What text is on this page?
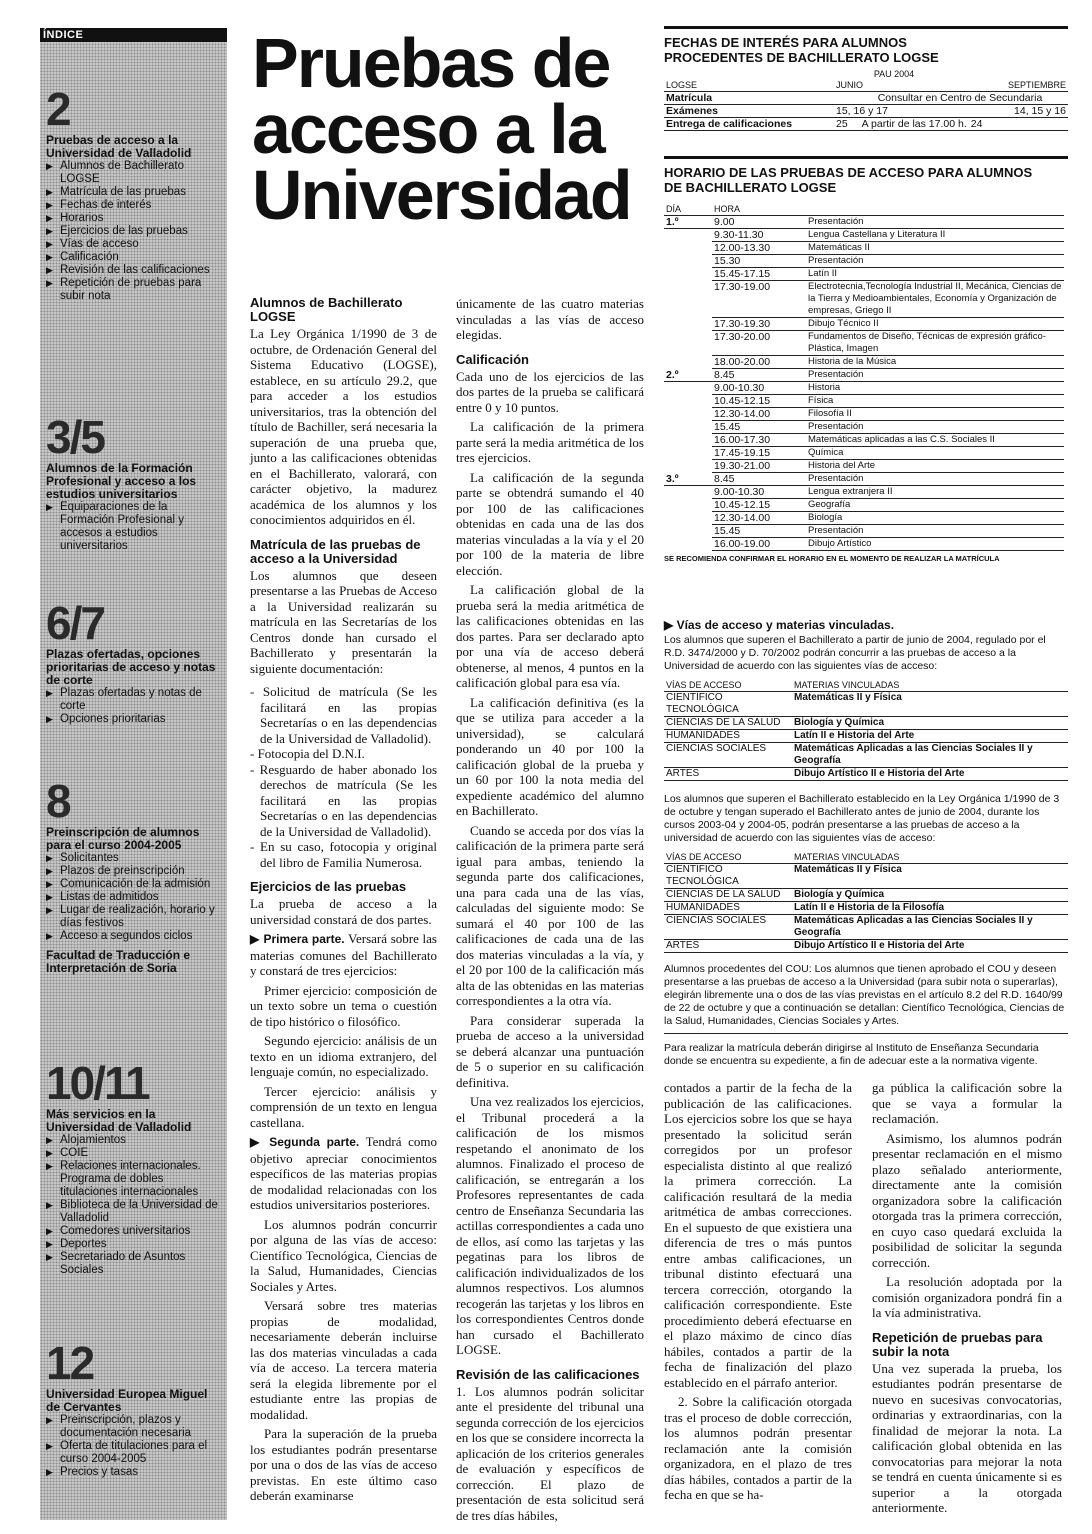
ÍNDICE
2
Pruebas de acceso a la Universidad de Valladolid
▶ Alumnos de Bachillerato LOGSE
▶ Matrícula de las pruebas
▶ Fechas de interés
▶ Horarios
▶ Ejercicios de las pruebas
▶ Vías de acceso
▶ Calificación
▶ Revisión de las calificaciones
▶ Repetición de pruebas para subir nota
3/5
Alumnos de la Formación Profesional y acceso a los estudios universitarios
▶ Equiparaciones de la Formación Profesional y accesos a estudios universitarios
6/7
Plazas ofertadas, opciones prioritarias de acceso y notas de corte
▶ Plazas ofertadas y notas de corte
▶ Opciones prioritarias
8
Preinscripción de alumnos para el curso 2004-2005
▶ Solicitantes
▶ Plazos de preinscripción
▶ Comunicación de la admisión
▶ Listas de admitidos
▶ Lugar de realización, horario y días festivos
▶ Acceso a segundos ciclos
Facultad de Traducción e Interpretación de Soria
10/11
Más servicios en la Universidad de Valladolid
▶ Alojamientos
▶ COIE
▶ Relaciones internacionales. Programa de dobles titulaciones internacionales
▶ Biblioteca de la Universidad de Valladolid
▶ Comedores universitarios
▶ Deportes
▶ Secretariado de Asuntos Sociales
12
Universidad Europea Miguel de Cervantes
▶ Preinscripción, plazos y documentación necesaria
▶ Oferta de titulaciones para el curso 2004-2005
▶ Precios y tasas
Pruebas de
acceso a la
Universidad
Alumnos de Bachillerato LOGSE

La Ley Orgánica 1/1990 de 3 de octubre, de Ordenación General del Sistema Educativo (LOGSE), establece, en su artículo 29.2, que para acceder a los estudios universitarios, tras la obtención del título de Bachiller, será necesaria la superación de una prueba que, junto a las calificaciones obtenidas en el Bachillerato, valorará, con carácter objetivo, la madurez académica de los alumnos y los conocimientos adquiridos en él.

Matrícula de las pruebas de acceso a la Universidad

Los alumnos que deseen presentarse a las Pruebas de Acceso a la Universidad realizarán su matrícula en las Secretarías de los Centros donde han cursado el Bachillerato y presentarán la siguiente documentación:

- Solicitud de matrícula (Se les facilitará en las propias Secretarías o en las dependencias de la Universidad de Valladolid).

- Fotocopia del D.N.I.

- Resguardo de haber abonado los derechos de matrícula (Se les facilitará en las propias Secretarías o en las dependencias de la Universidad de Valladolid).

- En su caso, fotocopia y original del libro de Familia Numerosa.

Ejercicios de las pruebas

La prueba de acceso a la universidad constará de dos partes.

▶ Primera parte. Versará sobre las materias comunes del Bachillerato y constará de tres ejercicios:

Primer ejercicio: composición de un texto sobre un tema o cuestión de tipo histórico o filosófico.

Segundo ejercicio: análisis de un texto en un idioma extranjero, del lenguaje común, no especializado.

Tercer ejercicio: análisis y comprensión de un texto en lengua castellana.

▶ Segunda parte. Tendrá como objetivo apreciar conocimientos específicos de las materias propias de modalidad relacionadas con los estudios universitarios posteriores.

Los alumnos podrán concurrir por alguna de las vías de acceso: Científico Tecnológica, Ciencias de la Salud, Humanidades, Ciencias Sociales y Artes.

Versará sobre tres materias propias de modalidad, necesariamente deberán incluirse las dos materias vinculadas a cada vía de acceso. La tercera materia será la elegida libremente por el estudiante entre las propias de modalidad.

Para la superación de la prueba los estudiantes podrán presentarse por una o dos de las vías de acceso previstas. En este último caso deberán examinarse

únicamente de las cuatro materias vinculadas a las vías de acceso elegidas.

Calificación

Cada uno de los ejercicios de las dos partes de la prueba se calificará entre 0 y 10 puntos.

La calificación de la primera parte será la media aritmética de los tres ejercicios.

La calificación de la segunda parte se obtendrá sumando el 40 por 100 de las calificaciones obtenidas en cada una de las dos materias vinculadas a la vía y el 20 por 100 de la materia de libre elección.

La calificación global de la prueba será la media aritmética de las calificaciones obtenidas en las dos partes. Para ser declarado apto por una vía de acceso deberá obtenerse, al menos, 4 puntos en la calificación global para esa vía.

La calificación definitiva (es la que se utiliza para acceder a la universidad), se calculará ponderando un 40 por 100 la calificación global de la prueba y un 60 por 100 la nota media del expediente académico del alumno en Bachillerato.

Cuando se acceda por dos vías la calificación de la primera parte será igual para ambas, teniendo la segunda parte dos calificaciones, una para cada una de las vías, calculadas del siguiente modo: Se sumará el 40 por 100 de las calificaciones de cada una de las dos materias vinculadas a la vía, y el 20 por 100 de la calificación más alta de las obtenidas en las materias correspondientes a la otra vía.

Para considerar superada la prueba de acceso a la universidad se deberá alcanzar una puntuación de 5 o superior en su calificación definitiva.

Una vez realizados los ejercicios, el Tribunal procederá a la calificación de los mismos respetando el anonimato de los alumnos. Finalizado el proceso de calificación, se entregarán a los Profesores representantes de cada centro de Enseñanza Secundaria las actillas correspondientes a cada uno de ellos, así como las tarjetas y las pegatinas para los libros de calificación individualizados de los alumnos respectivos. Los alumnos recogerán las tarjetas y los libros en los correspondientes Centros donde han cursado el Bachillerato LOGSE.

Revisión de las calificaciones

1. Los alumnos podrán solicitar ante el presidente del tribunal una segunda corrección de los ejercicios en los que se considere incorrecta la aplicación de los criterios generales de evaluación y específicos de corrección. El plazo de presentación de esta solicitud será de tres días hábiles,

FECHAS DE INTERÉS PARA ALUMNOS PROCEDENTES DE BACHILLERATO LOGSE
PAU 2004
LOGSE	JUNIO	SEPTIEMBRE
Matrícula	Consultar en Centro de Secundaria	
Exámenes	15, 16 y 17	14, 15 y 16
Entrega de calificaciones	25     A partir de las 17.00 h.	24
HORARIO DE LAS PRUEBAS DE ACCESO PARA ALUMNOS DE BACHILLERATO LOGSE
DÍA	HORA	
1.º	9.00	Presentación
	9.30-11.30	Lengua Castellana y Literatura II
	12.00-13.30	Matemáticas II
	15.30	Presentación
	15.45-17.15	Latín II
	17.30-19.00	Electrotecnia,Tecnología Industrial II, Mecánica, Ciencias de la Tierra y Medioambientales, Economía y Organización de empresas, Griego II
	17.30-19.30	Dibujo Técnico II
	17.30-20.00	Fundamentos de Diseño, Técnicas de expresión gráfico-Plástica, Imagen
	18.00-20.00	Historia de la Música
2.º	8.45	Presentación
	9.00-10.30	Historia
	10.45-12.15	Física
	12.30-14.00	Filosofía II
	15.45	Presentación
	16.00-17.30	Matemáticas aplicadas a las C.S. Sociales II
	17.45-19.15	Química
	19.30-21.00	Historia del Arte
3.º	8.45	Presentación
	9.00-10.30	Lengua extranjera II
	10.45-12.15	Geografía
	12.30-14.00	Biología
	15.45	Presentación
	16.00-19.00	Dibujo Artístico
SE RECOMIENDA CONFIRMAR EL HORARIO EN EL MOMENTO DE REALIZAR LA MATRÍCULA
▶ Vías de acceso y materias vinculadas.
Los alumnos que superen el Bachillerato a partir de junio de 2004, regulado por el R.D. 3474/2000 y D. 70/2002 podrán concurrir a las pruebas de acceso a la Universidad de acuerdo con las siguientes vías de acceso:
VÍAS DE ACCESO	MATERIAS VINCULADAS
CIENTÍFICO TECNOLÓGICA	Matemáticas II y Física
CIENCIAS DE LA SALUD	Biología y Química
HUMANIDADES	Latín II e Historia del Arte
CIENCIAS SOCIALES	Matemáticas Aplicadas a las Ciencias Sociales II y Geografía
ARTES	Dibujo Artístico II e Historia del Arte
Los alumnos que superen el Bachillerato establecido en la Ley Orgánica 1/1990 de 3 de octubre y tengan superado el Bachillerato antes de junio de 2004, durante los cursos 2003-04 y 2004-05, podrán presentarse a las pruebas de acceso a la universidad de acuerdo con las siguientes vías de acceso:
VÍAS DE ACCESO	MATERIAS VINCULADAS
CIENTÍFICO TECNOLÓGICA	Matemáticas II y Física
CIENCIAS DE LA SALUD	Biología y Química
HUMANIDADES	Latín II e Historia de la Filosofía
CIENCIAS SOCIALES	Matemáticas Aplicadas a las Ciencias Sociales II y Geografía
ARTES	Dibujo Artístico II e Historia del Arte
Alumnos procedentes del COU: Los alumnos que tienen aprobado el COU y deseen presentarse a las pruebas de acceso a la Universidad (para subir nota o superarlas), elegirán libremente una o dos de las vías previstas en el artículo 8.2 del R.D. 1640/99 de 22 de octubre y que a continuación se detallan: Científico Tecnológica, Ciencias de la Salud, Humanidades, Ciencias Sociales y Artes.
Para realizar la matrícula deberán dirigirse al Instituto de Enseñanza Secundaria donde se encuentra su expediente, a fin de adecuar este a la normativa vigente.

contados a partir de la fecha de la publicación de las calificaciones. Los ejercicios sobre los que se haya presentado la solicitud serán corregidos por un profesor especialista distinto al que realizó la primera corrección. La calificación resultará de la media aritmética de ambas correcciones. En el supuesto de que existiera una diferencia de tres o más puntos entre ambas calificaciones, un tribunal distinto efectuará una tercera corrección, otorgando la calificación correspondiente. Este procedimiento deberá efectuarse en el plazo máximo de cinco días hábiles, contados a partir de la fecha de finalización del plazo establecido en el párrafo anterior.

2. Sobre la calificación otorgada tras el proceso de doble corrección, los alumnos podrán presentar reclamación ante la comisión organizadora, en el plazo de tres días hábiles, contados a partir de la fecha en que se ha-

ga pública la calificación sobre la que se vaya a formular la reclamación.

Asimismo, los alumnos podrán presentar reclamación en el mismo plazo señalado anteriormente, directamente ante la comisión organizadora sobre la calificación otorgada tras la primera corrección, en cuyo caso quedará excluida la posibilidad de solicitar la segunda corrección.

La resolución adoptada por la comisión organizadora pondrá fin a la vía administrativa.

Repetición de pruebas para subir la nota

Una vez superada la prueba, los estudiantes podrán presentarse de nuevo en sucesivas convocatorias, ordinarias y extraordinarias, con la finalidad de mejorar la nota. La calificación global obtenida en las convocatorias para mejorar la nota se tendrá en cuenta únicamente si es superior a la otorgada anteriormente.
